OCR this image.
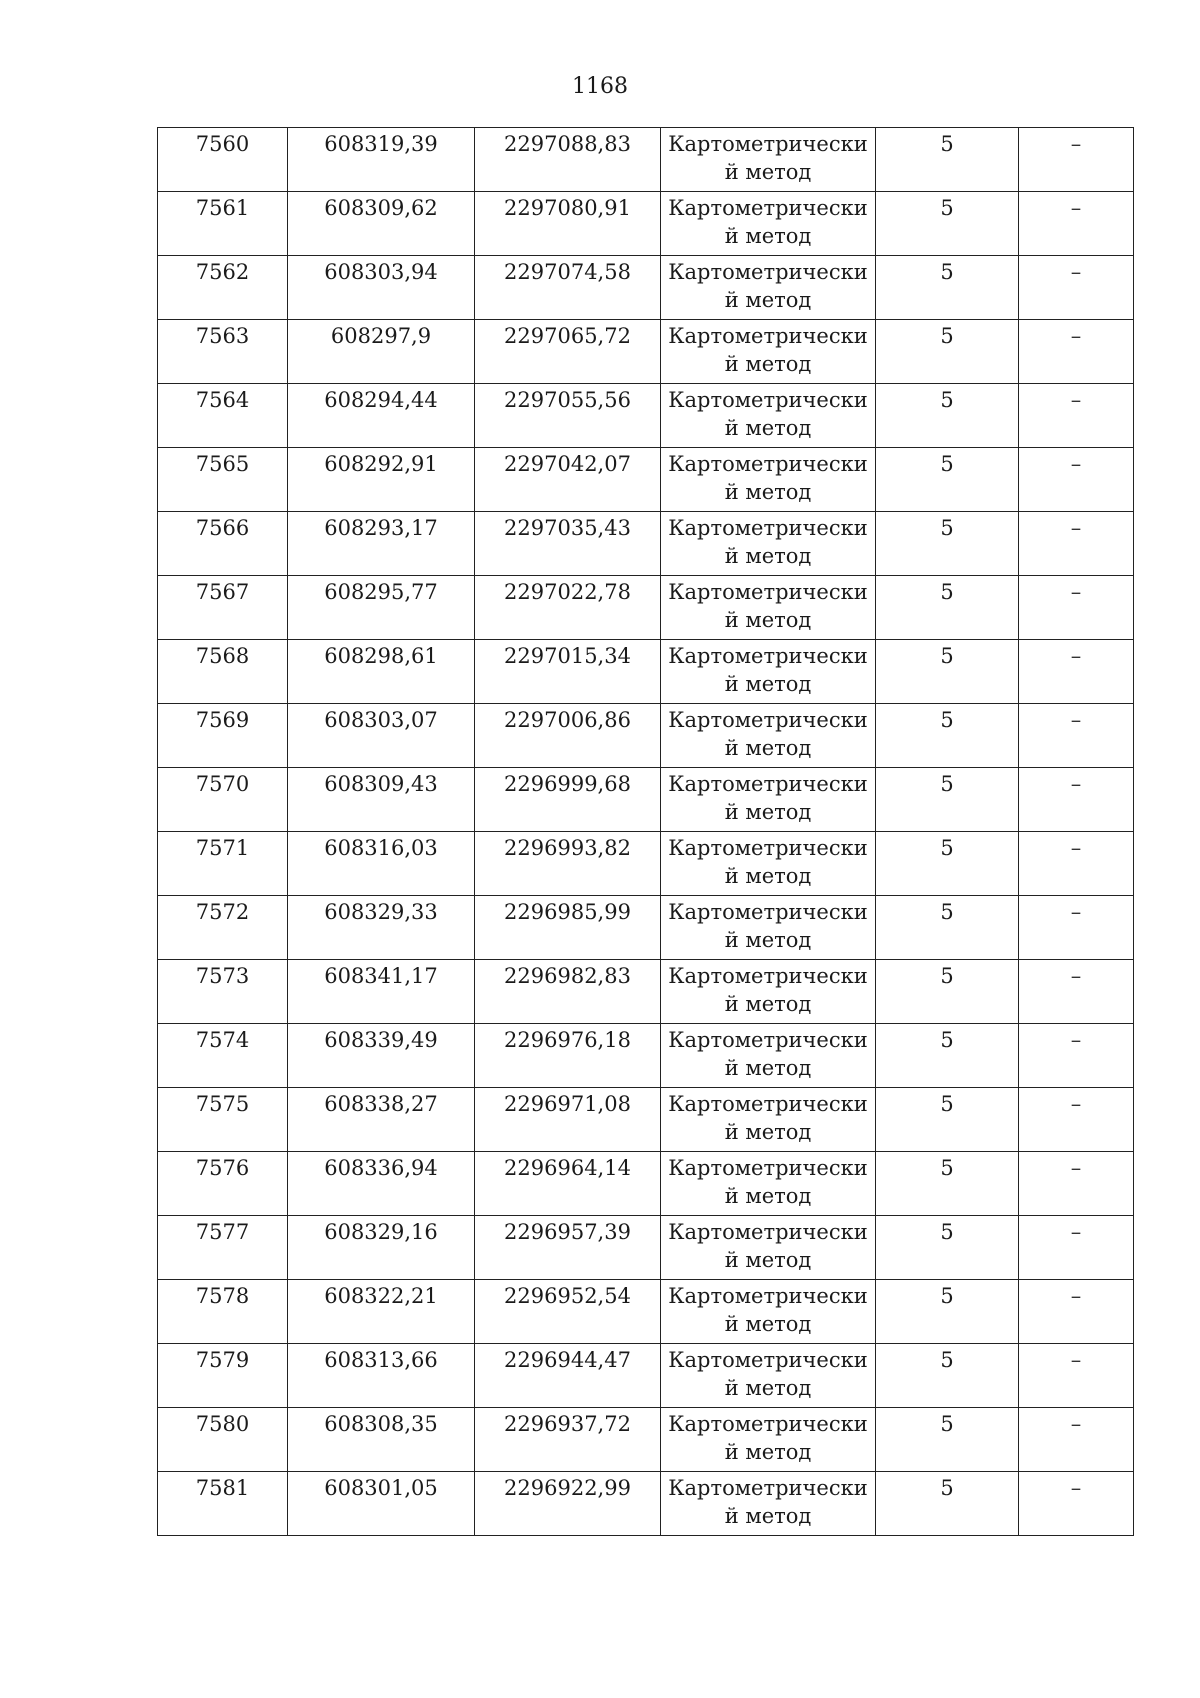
1168
7560	608319,39	2297088,83	Картометрически
й метод	5	–

7561	608309,62	2297080,91	Картометрически
й метод	5	–

7562	608303,94	2297074,58	Картометрически
й метод	5	–

7563	608297,9	2297065,72	Картометрически
й метод	5	–

7564	608294,44	2297055,56	Картометрически
й метод	5	–

7565	608292,91	2297042,07	Картометрически
й метод	5	–

7566	608293,17	2297035,43	Картометрически
й метод	5	–

7567	608295,77	2297022,78	Картометрически
й метод	5	–

7568	608298,61	2297015,34	Картометрически
й метод	5	–

7569	608303,07	2297006,86	Картометрически
й метод	5	–

7570	608309,43	2296999,68	Картометрически
й метод	5	–

7571	608316,03	2296993,82	Картометрически
й метод	5	–

7572	608329,33	2296985,99	Картометрически
й метод	5	–

7573	608341,17	2296982,83	Картометрически
й метод	5	–

7574	608339,49	2296976,18	Картометрически
й метод	5	–

7575	608338,27	2296971,08	Картометрически
й метод	5	–

7576	608336,94	2296964,14	Картометрически
й метод	5	–

7577	608329,16	2296957,39	Картометрически
й метод	5	–

7578	608322,21	2296952,54	Картометрически
й метод	5	–

7579	608313,66	2296944,47	Картометрически
й метод	5	–

7580	608308,35	2296937,72	Картометрически
й метод	5	–

7581	608301,05	2296922,99	Картометрически
й метод	5	–
